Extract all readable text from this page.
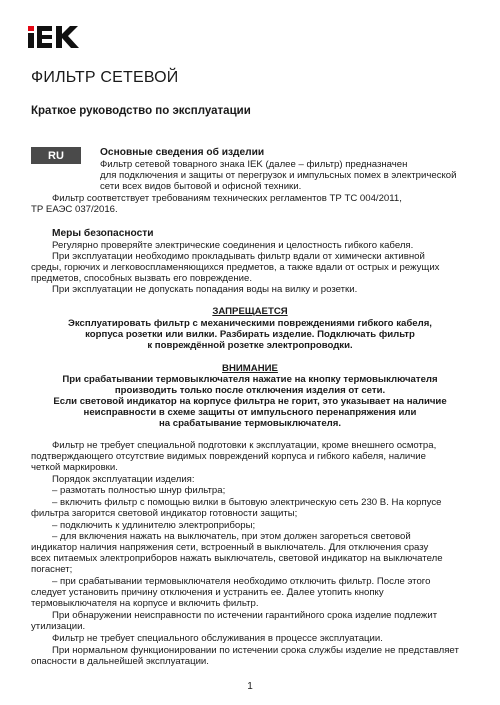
ФИЛЬТР СЕТЕВОЙ
Краткое руководство по эксплуатации
RU	Основные сведения об изделии

Фильтр сетевой товарного знака IEK (далее – фильтр) предназначен

для подключения и защиты от перегрузок и импульсных помех в электрической

сети всех видов бытовой и офисной техники.

Фильтр соответствует требованиям технических регламентов ТР ТС 004/2011,

ТР ЕАЭС 037/2016.

Меры безопасности

Регулярно проверяйте электрические соединения и целостность гибкого кабеля.

При эксплуатации необходимо прокладывать фильтр вдали от химически активной

среды, горючих и легковоспламеняющихся предметов, а также вдали от острых и режущих

предметов, способных вызвать его повреждение.

При эксплуатации не допускать попадания воды на вилку и розетки.

ЗАПРЕЩАЕТСЯ

Эксплуатировать фильтр с механическими повреждениями гибкого кабеля,

корпуса розетки или вилки. Разбирать изделие. Подключать фильтр

к повреждённой розетке электропроводки.

ВНИМАНИЕ

При срабатывании термовыключателя нажатие на кнопку термовыключателя

производить только после отключения изделия от сети.

Если световой индикатор на корпусе фильтра не горит, это указывает на наличие

неисправности в схеме защиты от импульсного перенапряжения или

на срабатывание термовыключателя.

Фильтр не требует специальной подготовки к эксплуатации, кроме внешнего осмотра,

подтверждающего отсутствие видимых повреждений корпуса и гибкого кабеля, наличие

четкой маркировки.

Порядок эксплуатации изделия:

– размотать полностью шнур фильтра;

– включить фильтр с помощью вилки в бытовую электрическую сеть 230 В. На корпусе

фильтра загорится световой индикатор готовности защиты;

– подключить к удлинителю электроприборы;

– для включения нажать на выключатель, при этом должен загореться световой

индикатор наличия напряжения сети, встроенный в выключатель. Для отключения сразу

всех питаемых электроприборов нажать выключатель, световой индикатор на выключателе

погаснет;

– при срабатывании термовыключателя необходимо отключить фильтр. После этого

следует установить причину отключения и устранить ее. Далее утопить кнопку

термовыключателя на корпусе и включить фильтр.

При обнаружении неисправности по истечении гарантийного срока изделие подлежит

утилизации.

Фильтр не требует специального обслуживания в процессе эксплуатации.

При нормальном функционировании по истечении срока службы изделие не представляет

опасности в дальнейшей эксплуатации.

1
